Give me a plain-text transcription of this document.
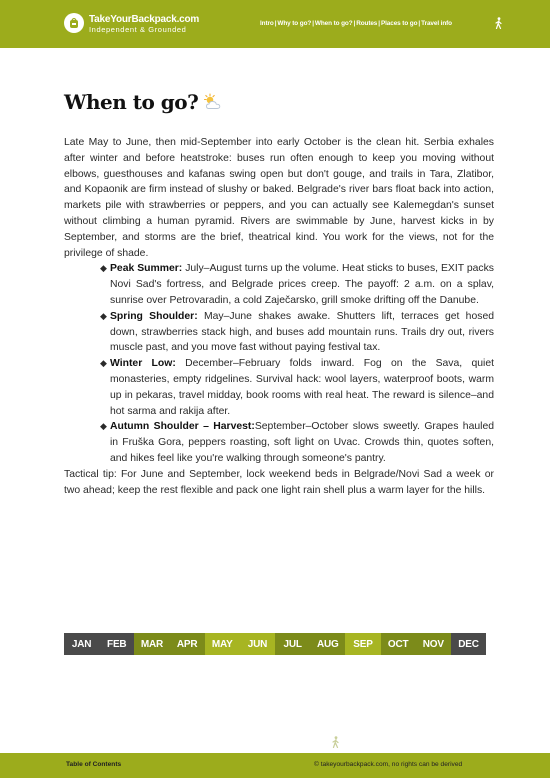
TakeYourBackpack.com
Independent & Grounded
Intro|Why to go?|When to go?|Routes|Places to go|Travel info
When to go?

Late May to June, then mid-September into early October is the clean hit. Serbia exhales after winter and before heatstroke: buses run often enough to keep you moving without elbows, guesthouses and kafanas swing open but don't gouge, and trails in Tara, Zlatibor, and Kopaonik are firm instead of slushy or baked. Belgrade's river bars float back into action, markets pile with strawberries or peppers, and you can actually see Kalemegdan's sunset without climbing a human pyramid. Rivers are swimmable by June, harvest kicks in by September, and storms are the brief, theatrical kind. You work for the views, not for the privilege of shade.

◆ Peak Summer: July–August turns up the volume. Heat sticks to buses, EXIT packs Novi Sad's fortress, and Belgrade prices creep. The payoff: 2 a.m. on a splav, sunrise over Petrovaradin, a cold Zaječarsko, grill smoke drifting off the Danube.
◆ Spring Shoulder: May–June shakes awake. Shutters lift, terraces get hosed down, strawberries stack high, and buses add mountain runs. Trails dry out, rivers muscle past, and you move fast without paying festival tax.
◆ Winter Low: December–February folds inward. Fog on the Sava, quiet monasteries, empty ridgelines. Survival hack: wool layers, waterproof boots, warm up in pekaras, travel midday, book rooms with real heat. The reward is silence–and hot sarma and rakija after.
◆ Autumn Shoulder – Harvest:September–October slows sweetly. Grapes hauled in Fruška Gora, peppers roasting, soft light on Uvac. Crowds thin, quotes soften, and hikes feel like you're walking through someone's pantry.

Tactical tip: For June and September, lock weekend beds in Belgrade/Novi Sad a week or two ahead; keep the rest flexible and pack one light rain shell plus a warm layer for the hills.

JAN	FEB	MAR	APR	MAY	JUN	JUL	AUG	SEP	OCT	NOV	DEC
Table of Contents	© takeyourbackpack.com, no rights can be derived
